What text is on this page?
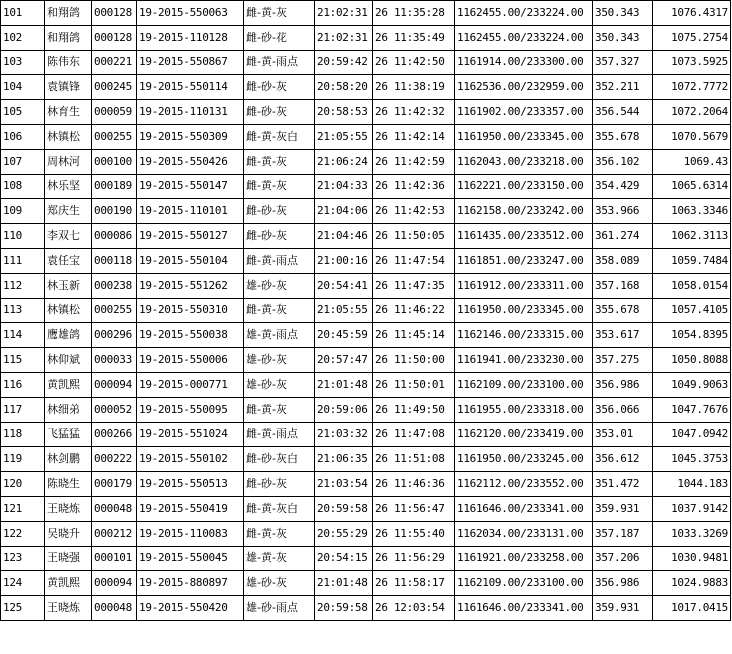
101	和翔鸽	000128	19-2015-550063	雌-黄-灰	21:02:31	26 11:35:28	1162455.00/233224.00	350.343	1076.4317
102	和翔鸽	000128	19-2015-110128	雌-砂-花	21:02:31	26 11:35:49	1162455.00/233224.00	350.343	1075.2754
103	陈伟东	000221	19-2015-550867	雌-黄-雨点	20:59:42	26 11:42:50	1161914.00/233300.00	357.327	1073.5925
104	袁镇锋	000245	19-2015-550114	雌-砂-灰	20:58:20	26 11:38:19	1162536.00/232959.00	352.211	1072.7772
105	林育生	000059	19-2015-110131	雌-砂-灰	20:58:53	26 11:42:32	1161902.00/233357.00	356.544	1072.2064
106	林镇松	000255	19-2015-550309	雌-黄-灰白	21:05:55	26 11:42:14	1161950.00/233345.00	355.678	1070.5679
107	周林河	000100	19-2015-550426	雌-黄-灰	21:06:24	26 11:42:59	1162043.00/233218.00	356.102	1069.43
108	林乐坚	000189	19-2015-550147	雌-黄-灰	21:04:33	26 11:42:36	1162221.00/233150.00	354.429	1065.6314
109	郑庆生	000190	19-2015-110101	雌-砂-灰	21:04:06	26 11:42:53	1162158.00/233242.00	353.966	1063.3346
110	李双七	000086	19-2015-550127	雌-砂-灰	21:04:46	26 11:50:05	1161435.00/233512.00	361.274	1062.3113
111	袁任宝	000118	19-2015-550104	雌-黄-雨点	21:00:16	26 11:47:54	1161851.00/233247.00	358.089	1059.7484
112	林玉新	000238	19-2015-551262	雄-砂-灰	20:54:41	26 11:47:35	1161912.00/233311.00	357.168	1058.0154
113	林镇松	000255	19-2015-550310	雌-黄-灰	21:05:55	26 11:46:22	1161950.00/233345.00	355.678	1057.4105
114	鹰雄鸽	000296	19-2015-550038	雄-黄-雨点	20:45:59	26 11:45:14	1162146.00/233315.00	353.617	1054.8395
115	林仰斌	000033	19-2015-550006	雄-砂-灰	20:57:47	26 11:50:00	1161941.00/233230.00	357.275	1050.8088
116	黄凯熙	000094	19-2015-000771	雄-砂-灰	21:01:48	26 11:50:01	1162109.00/233100.00	356.986	1049.9063
117	林细弟	000052	19-2015-550095	雌-黄-灰	20:59:06	26 11:49:50	1161955.00/233318.00	356.066	1047.7676
118	飞猛猛	000266	19-2015-551024	雌-黄-雨点	21:03:32	26 11:47:08	1162120.00/233419.00	353.01	1047.0942
119	林剑鹏	000222	19-2015-550102	雌-砂-灰白	21:06:35	26 11:51:08	1161950.00/233245.00	356.612	1045.3753
120	陈晓生	000179	19-2015-550513	雌-砂-灰	21:03:54	26 11:46:36	1162112.00/233552.00	351.472	1044.183
121	王晓炼	000048	19-2015-550419	雌-黄-灰白	20:59:58	26 11:56:47	1161646.00/233341.00	359.931	1037.9142
122	吴晓升	000212	19-2015-110083	雌-黄-灰	20:55:29	26 11:55:40	1162034.00/233131.00	357.187	1033.3269
123	王晓强	000101	19-2015-550045	雄-黄-灰	20:54:15	26 11:56:29	1161921.00/233258.00	357.206	1030.9481
124	黄凯熙	000094	19-2015-880897	雄-砂-灰	21:01:48	26 11:58:17	1162109.00/233100.00	356.986	1024.9883
125	王晓炼	000048	19-2015-550420	雄-砂-雨点	20:59:58	26 12:03:54	1161646.00/233341.00	359.931	1017.0415
